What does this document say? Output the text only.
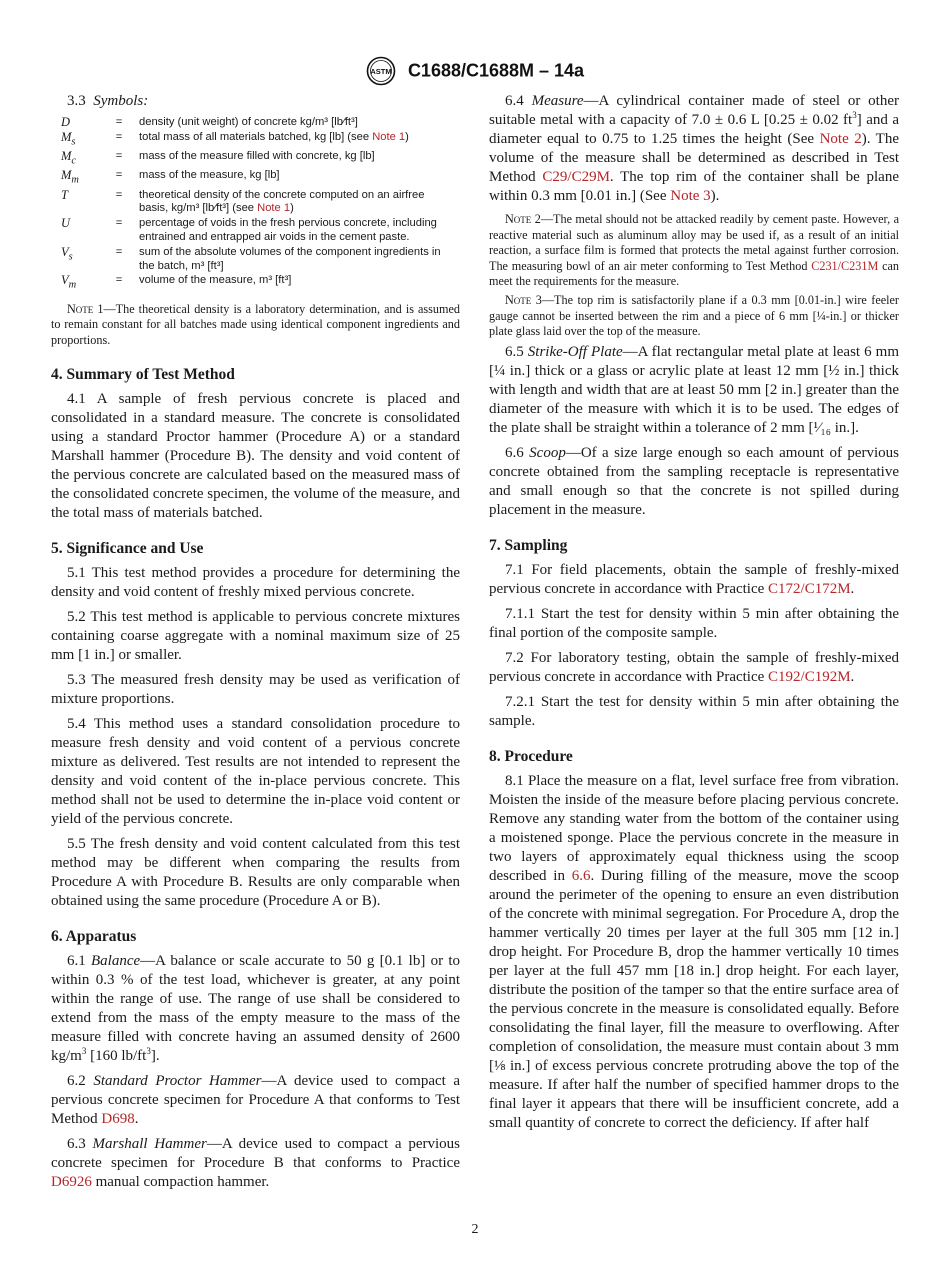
ASTM C1688/C1688M – 14a
3.3 Symbols:
D	=	density (unit weight) of concrete kg/m³ [lb⁄ft³]
$M_s$	=	total mass of all materials batched, kg [lb] (see Note 1)
$M_c$	=	mass of the measure filled with concrete, kg [lb]
$M_m$	=	mass of the measure, kg [lb]
T	=	theoretical density of the concrete computed on an airfree basis, kg/m³ [lb⁄ft³] (see Note 1)
U	=	percentage of voids in the fresh pervious concrete, including entrained and entrapped air voids in the cement paste.
$V_s$	=	sum of the absolute volumes of the component ingredients in the batch, m³ [ft³]
$V_m$	=	volume of the measure, m³ [ft³]

Note 1—The theoretical density is a laboratory determination, and is assumed to remain constant for all batches made using identical component ingredients and proportions.

4. Summary of Test Method

4.1 A sample of fresh pervious concrete is placed and consolidated in a standard measure. The concrete is consolidated using a standard Proctor hammer (Procedure A) or a standard Marshall hammer (Procedure B). The density and void content of the pervious concrete are calculated based on the measured mass of the consolidated concrete specimen, the volume of the measure, and the total mass of materials batched.

5. Significance and Use

5.1 This test method provides a procedure for determining the density and void content of freshly mixed pervious concrete.

5.2 This test method is applicable to pervious concrete mixtures containing coarse aggregate with a nominal maximum size of 25 mm [1 in.] or smaller.

5.3 The measured fresh density may be used as verification of mixture proportions.

5.4 This method uses a standard consolidation procedure to measure fresh density and void content of a pervious concrete mixture as delivered. Test results are not intended to represent the density and void content of the in-place pervious concrete. This method shall not be used to determine the in-place void content or yield of the pervious concrete.

5.5 The fresh density and void content calculated from this test method may be different when comparing the results from Procedure A with Procedure B. Results are only comparable when obtained using the same procedure (Procedure A or B).

6. Apparatus

6.1 Balance—A balance or scale accurate to 50 g [0.1 lb] or to within 0.3 % of the test load, whichever is greater, at any point within the range of use. The range of use shall be considered to extend from the mass of the empty measure to the mass of the measure filled with concrete having an assumed density of 2600 $kg/m^3$ [160 $lb/ft^3$].

6.2 Standard Proctor Hammer—A device used to compact a pervious concrete specimen for Procedure A that conforms to Test Method D698.

6.3 Marshall Hammer—A device used to compact a pervious concrete specimen for Procedure B that conforms to Practice D6926 manual compaction hammer.

6.4 Measure—A cylindrical container made of steel or other suitable metal with a capacity of 7.0 ± 0.6 L [0.25 ± 0.02 $ft^3$] and a diameter equal to 0.75 to 1.25 times the height (See Note 2). The volume of the measure shall be determined as described in Test Method C29/C29M. The top rim of the container shall be plane within 0.3 mm [0.01 in.] (See Note 3).

Note 2—The metal should not be attacked readily by cement paste. However, a reactive material such as aluminum alloy may be used if, as a result of an initial reaction, a surface film is formed that protects the metal against further corrosion. The measuring bowl of an air meter conforming to Test Method C231/C231M can meet the requirements for the measure.

Note 3—The top rim is satisfactorily plane if a 0.3 mm [0.01-in.] wire feeler gauge cannot be inserted between the rim and a piece of 6 mm [¼-in.] or thicker plate glass laid over the top of the measure.

6.5 Strike-Off Plate—A flat rectangular metal plate at least 6 mm [¼ in.] thick or a glass or acrylic plate at least 12 mm [½ in.] thick with length and width that are at least 50 mm [2 in.] greater than the diameter of the measure with which it is to be used. The edges of the plate shall be straight within a tolerance of 2 mm [¹⁄₁₆ in.].

6.6 Scoop—Of a size large enough so each amount of pervious concrete obtained from the sampling receptacle is representative and small enough so that the concrete is not spilled during placement in the measure.

7. Sampling

7.1 For field placements, obtain the sample of freshly-mixed pervious concrete in accordance with Practice C172/C172M.

7.1.1 Start the test for density within 5 min after obtaining the final portion of the composite sample.

7.2 For laboratory testing, obtain the sample of freshly-mixed pervious concrete in accordance with Practice C192/C192M.

7.2.1 Start the test for density within 5 min after obtaining the sample.

8. Procedure

8.1 Place the measure on a flat, level surface free from vibration. Moisten the inside of the measure before placing pervious concrete. Remove any standing water from the bottom of the container using a moistened sponge. Place the pervious concrete in the measure in two layers of approximately equal thickness using the scoop described in 6.6. During filling of the measure, move the scoop around the perimeter of the opening to ensure an even distribution of the concrete with minimal segregation. For Procedure A, drop the hammer vertically 20 times per layer at the full 305 mm [12 in.] drop height. For Procedure B, drop the hammer vertically 10 times per layer at the full 457 mm [18 in.] drop height. For each layer, distribute the position of the tamper so that the entire surface area of the pervious concrete in the measure is consolidated equally. Before consolidating the final layer, fill the measure to overflowing. After completion of consolidation, the measure must contain about 3 mm [⅛ in.] of excess pervious concrete protruding above the top of the measure. If after half the number of specified hammer drops to the final layer it appears that there will be insufficient concrete, add a small quantity of concrete to correct the deficiency. If after half

2
